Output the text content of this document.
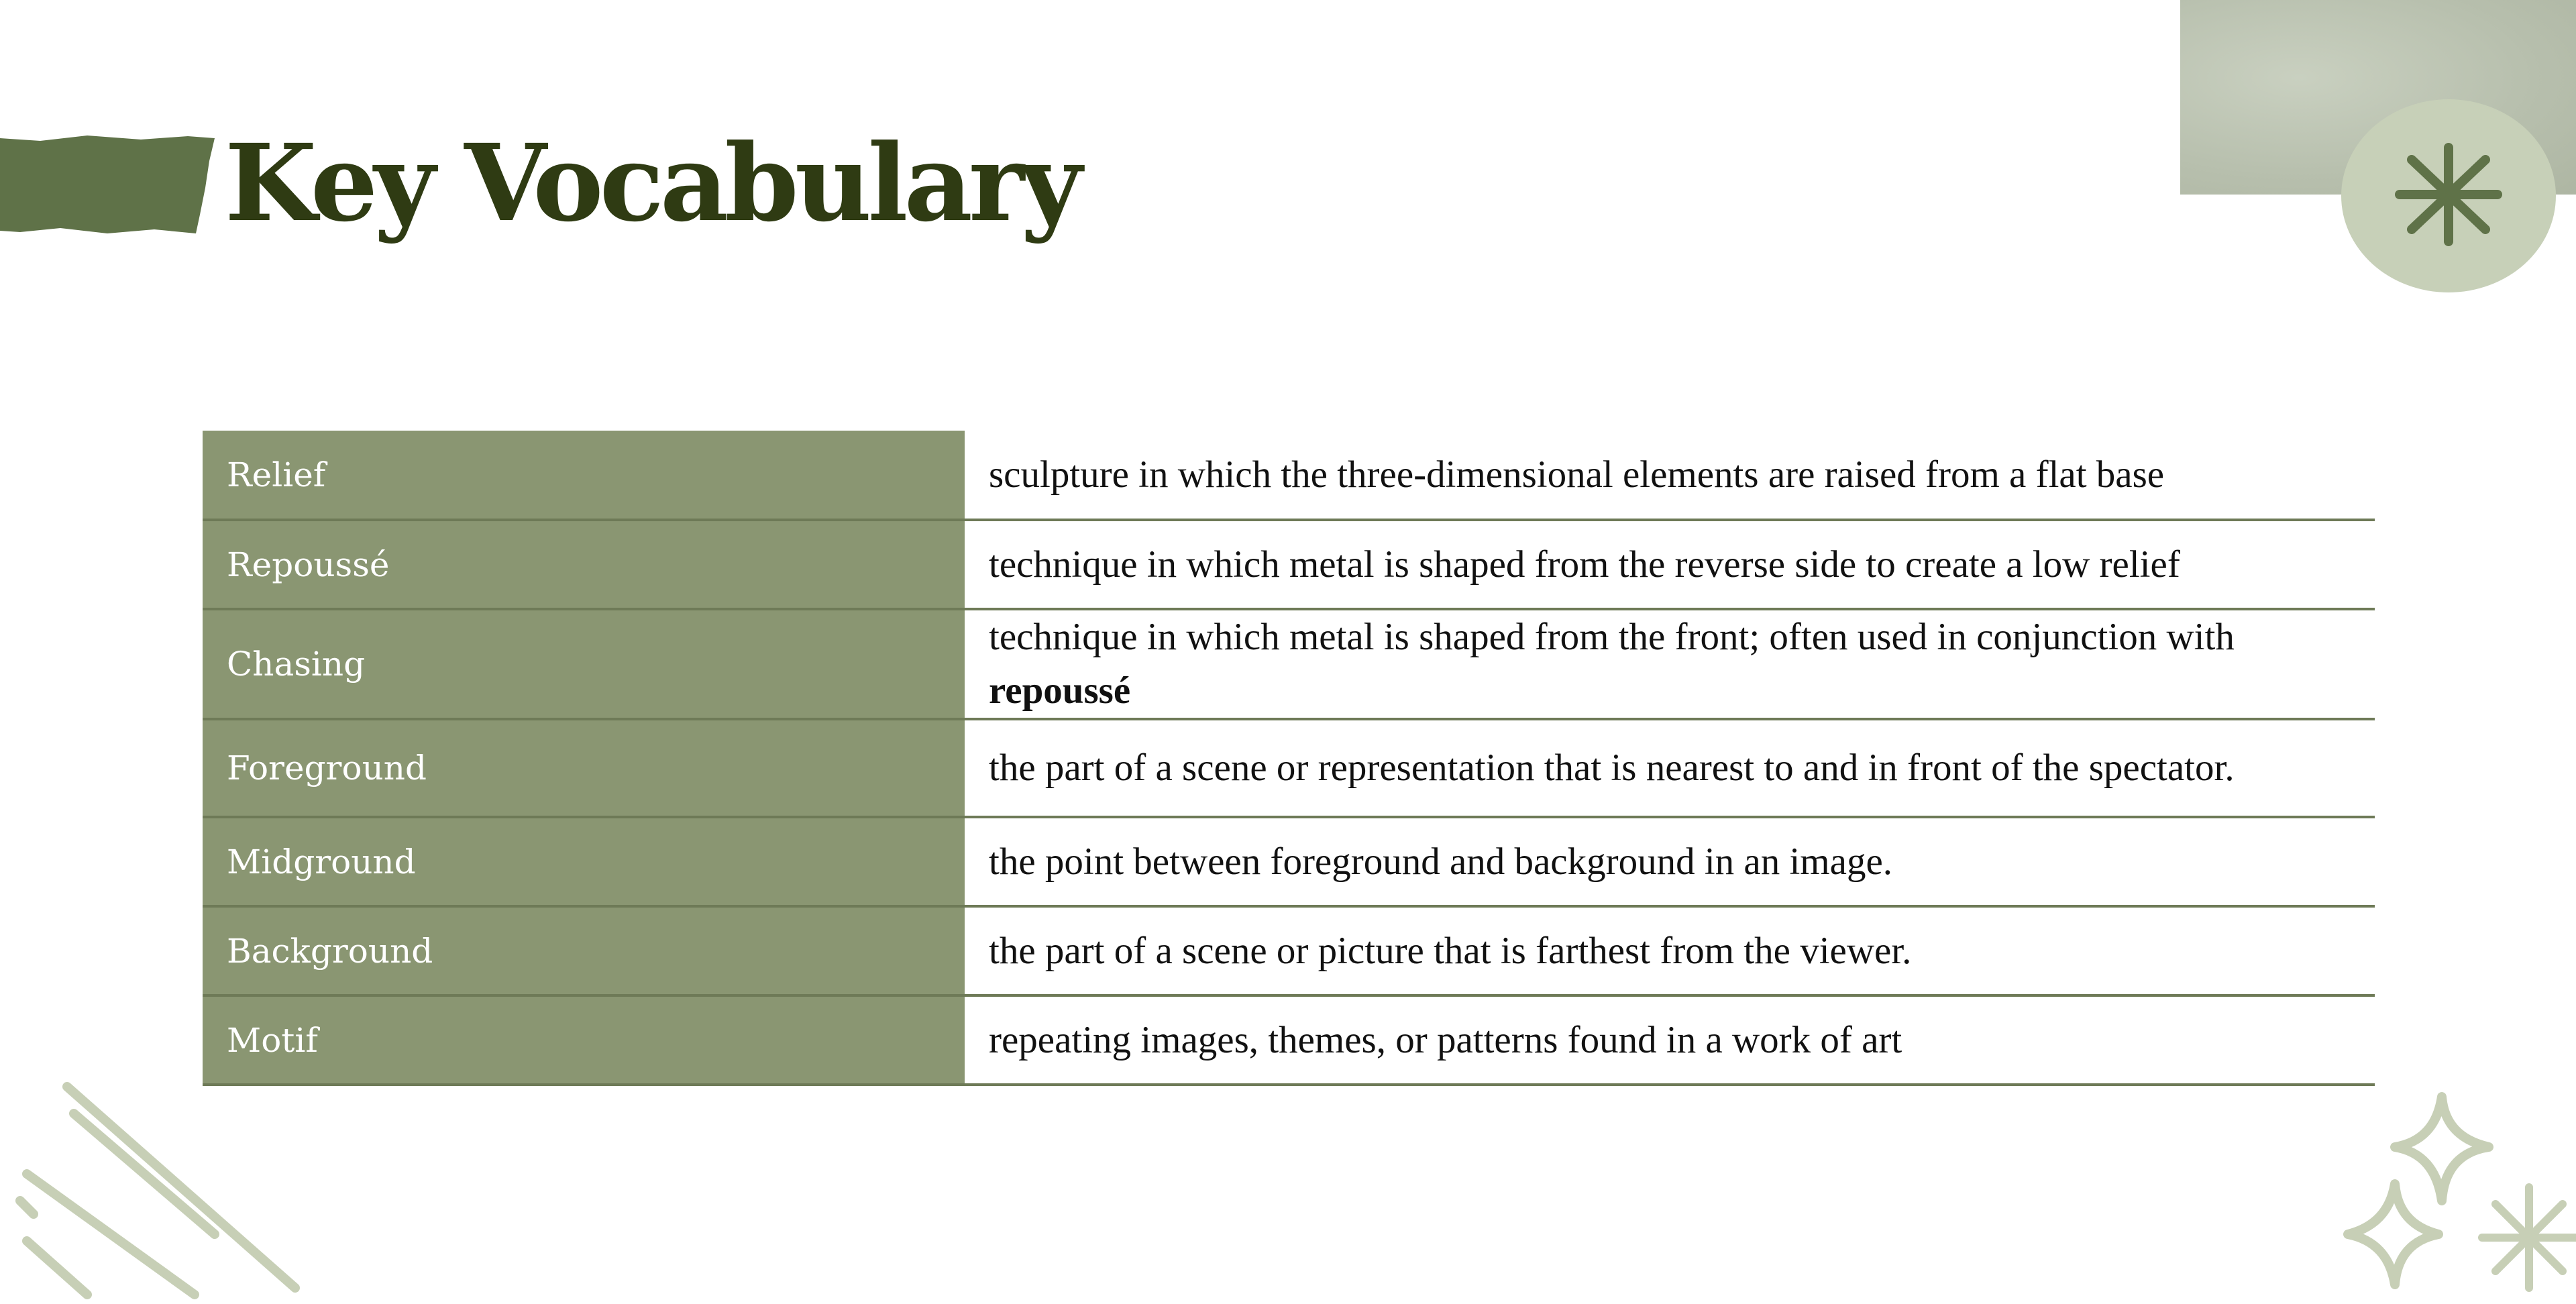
Key Vocabulary
Relief	sculpture in which the three-dimensional elements are raised from a flat base
Repoussé	technique in which metal is shaped from the reverse side to create a low relief
Chasing	technique in which metal is shaped from the front; often used in conjunction with repoussé
Foreground	the part of a scene or representation that is nearest to and in front of the spectator.
Midground	the point between foreground and background in an image.
Background	the part of a scene or picture that is farthest from the viewer.
Motif	repeating images, themes, or patterns found in a work of art
